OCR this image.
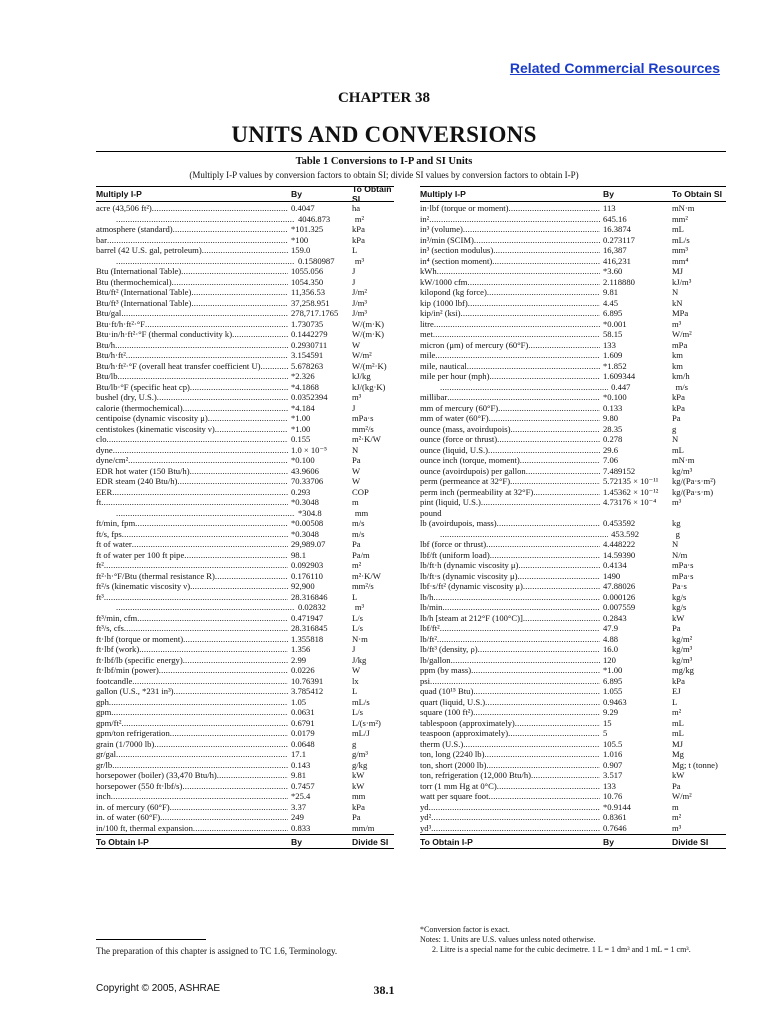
Related Commercial Resources
CHAPTER 38
UNITS AND CONVERSIONS
Table 1 Conversions to I-P and SI Units
(Multiply I-P values by conversion factors to obtain SI; divide SI values by conversion factors to obtain I-P)
Multiply I-P	By	To Obtain SI
acre (43,506 ft²) .....	0.4047	ha
.....
4046.873	m²
atmosphere (standard) .....	*101.325	kPa
bar .....	*100	kPa
barrel (42 U.S. gal, petroleum) .....	159.0	L
.....
0.1580987	m³
Btu (International Table) .....	1055.056	J
Btu (thermochemical) .....	1054.350	J
Btu/ft² (International Table) .....	11,356.53	J/m²
Btu/ft³ (International Table) .....	37,258.951	J/m³
Btu/gal .....	278,717.1765	J/m³
Btu·ft/h·ft²·°F .....	1.730735	W/(m·K)
Btu·in/h·ft²·°F (thermal conductivity k) .....	0.1442279	W/(m·K)
Btu/h .....	0.2930711	W
Btu/h·ft² .....	3.154591	W/m²
Btu/h·ft²·°F (overall heat transfer coefficient U) .....	5.678263	W/(m²·K)
Btu/lb .....	*2.326	kJ/kg
Btu/lb·°F (specific heat cp) .....	*4.1868	kJ/(kg·K)
bushel (dry, U.S.) .....	0.0352394	m³
calorie (thermochemical) .....	*4.184	J
centipoise (dynamic viscosity μ) .....	*1.00	mPa·s
centistokes (kinematic viscosity ν) .....	*1.00	mm²/s
clo .....	0.155	m²·K/W
dyne .....	1.0 × 10⁻⁵	N
dyne/cm² .....	*0.100	Pa
EDR hot water (150 Btu/h) .....	43.9606	W
EDR steam (240 Btu/h) .....	70.33706	W
EER .....	0.293	COP
ft .....	*0.3048	m
.....
*304.8	mm
ft/min, fpm .....	*0.00508	m/s
ft/s, fps .....	*0.3048	m/s
ft of water .....	29,989.07	Pa
ft of water per 100 ft pipe .....	98.1	Pa/m
ft² .....	0.092903	m²
ft²·h·°F/Btu (thermal resistance R) .....	0.176110	m²·K/W
ft²/s (kinematic viscosity ν) .....	92,900	mm²/s
ft³ .....	28.316846	L
.....
0.02832	m³
ft³/min, cfm .....	0.471947	L/s
ft³/s, cfs .....	28.316845	L/s
ft·lbf (torque or moment) .....	1.355818	N·m
ft·lbf (work) .....	1.356	J
ft·lbf/lb (specific energy) .....	2.99	J/kg
ft·lbf/min (power) .....	0.0226	W
footcandle .....	10.76391	lx
gallon (U.S., *231 in³) .....	3.785412	L
gph .....	1.05	mL/s
gpm .....	0.0631	L/s
gpm/ft² .....	0.6791	L/(s·m²)
gpm/ton refrigeration .....	0.0179	mL/J
grain (1/7000 lb) .....	0.0648	g
gr/gal .....	17.1	g/m³
gr/lb .....	0.143	g/kg
horsepower (boiler) (33,470 Btu/h) .....	9.81	kW
horsepower (550 ft·lbf/s) .....	0.7457	kW
inch .....	*25.4	mm
in. of mercury (60°F) .....	3.37	kPa
in. of water (60°F) .....	249	Pa
in/100 ft, thermal expansion .....	0.833	mm/m
To Obtain I-P	By	Divide SI
Multiply I-P	By	To Obtain SI
in·lbf (torque or moment) .....	113	mN·m
in² .....	645.16	mm²
in³ (volume) .....	16.3874	mL
in³/min (SCIM) .....	0.273117	mL/s
in³ (section modulus) .....	16,387	mm³
in⁴ (section moment) .....	416,231	mm⁴
kWh .....	*3.60	MJ
kW/1000 cfm .....	2.118880	kJ/m³
kilopond (kg force) .....	9.81	N
kip (1000 lbf) .....	4.45	kN
kip/in² (ksi) .....	6.895	MPa
litre .....	*0.001	m³
met .....	58.15	W/m²
micron (μm) of mercury (60°F) .....	133	mPa
mile .....	1.609	km
mile, nautical .....	*1.852	km
mile per hour (mph) .....	1.609344	km/h
.....
0.447	m/s
millibar .....	*0.100	kPa
mm of mercury (60°F) .....	0.133	kPa
mm of water (60°F) .....	9.80	Pa
ounce (mass, avoirdupois) .....	28.35	g
ounce (force or thrust) .....	0.278	N
ounce (liquid, U.S.) .....	29.6	mL
ounce inch (torque, moment) .....	7.06	mN·m
ounce (avoirdupois) per gallon .....	7.489152	kg/m³
perm (permeance at 32°F) .....	5.72135 × 10⁻¹¹	kg/(Pa·s·m²)
perm inch (permeability at 32°F) .....	1.45362 × 10⁻¹²	kg/(Pa·s·m)
pint (liquid, U.S.) .....	4.73176 × 10⁻⁴	m³
pound
lb (avoirdupois, mass) .....	0.453592	kg
.....
453.592	g
lbf (force or thrust) .....	4.448222	N
lbf/ft (uniform load) .....	14.59390	N/m
lb/ft·h (dynamic viscosity μ) .....	0.4134	mPa·s
lb/ft·s (dynamic viscosity μ) .....	1490	mPa·s
lbf·s/ft² (dynamic viscosity μ) .....	47.88026	Pa·s
lb/h .....	0.000126	kg/s
lb/min .....	0.007559	kg/s
lb/h [steam at 212°F (100°C)] .....	0.2843	kW
lbf/ft² .....	47.9	Pa
lb/ft² .....	4.88	kg/m²
lb/ft³ (density, ρ) .....	16.0	kg/m³
lb/gallon .....	120	kg/m³
ppm (by mass) .....	*1.00	mg/kg
psi .....	6.895	kPa
quad (10¹⁵ Btu) .....	1.055	EJ
quart (liquid, U.S.) .....	0.9463	L
square (100 ft²) .....	9.29	m²
tablespoon (approximately) .....	15	mL
teaspoon (approximately) .....	5	mL
therm (U.S.) .....	105.5	MJ
ton, long (2240 lb) .....	1.016	Mg
ton, short (2000 lb) .....	0.907	Mg; t (tonne)
ton, refrigeration (12,000 Btu/h) .....	3.517	kW
torr (1 mm Hg at 0°C) .....	133	Pa
watt per square foot .....	10.76	W/m²
yd .....	*0.9144	m
yd² .....	0.8361	m²
yd³ .....	0.7646	m³
To Obtain I-P	By	Divide SI
*Conversion factor is exact.
Notes: 1. Units are U.S. values unless noted otherwise.
2. Litre is a special name for the cubic decimetre. 1 L = 1 dm³ and 1 mL = 1 cm³.
The preparation of this chapter is assigned to TC 1.6, Terminology.
Copyright © 2005, ASHRAE	38.1
